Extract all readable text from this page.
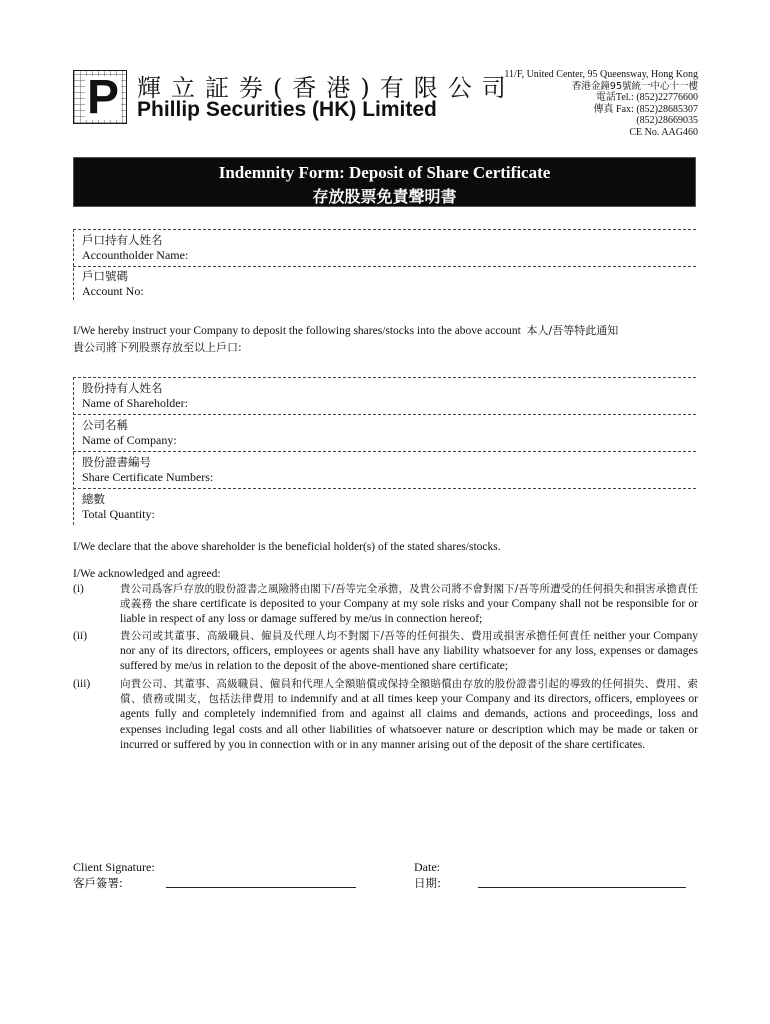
P 輝立証券(香港)有限公司
Phillip Securities (HK) Limited
11/F, United Center, 95 Queensway, Hong Kong
香港金鐘95號統一中心十一樓
電話Tel.: (852)22776600
傳真 Fax: (852)28685307
(852)28669035
CE No. AAG460
Indemnity Form: Deposit of Share Certificate
存放股票免責聲明書
戶口持有人姓名
Accountholder Name:
戶口號碼
Account No:
I/We hereby instruct your Company to deposit the following shares/stocks into the above account 本人/吾等特此通知
貴公司將下列股票存放至以上戶口:
股份持有人姓名
Name of Shareholder:
公司名稱
Name of Company:
股份證書編号
Share Certificate Numbers:
總數
Total Quantity:
I/We declare that the above shareholder is the beneficial holder(s) of the stated shares/stocks.
I/We acknowledged and agreed:
(i)	貴公司爲客戶存放的股份證書之風險將由閣下/吾等完全承擔，及貴公司將不會對閣下/吾等所遭受的任何損失和損害承擔責任或義務 the share certificate is deposited to your Company at my sole risks and your Company shall not be responsible for or liable in respect of any loss or damage suffered by me/us in connection hereof;
(ii)	貴公司或其董事、高級職員、僱員及代理人均不對閣下/吾等的任何損失、費用或損害承擔任何責任 neither your Company nor any of its directors, officers, employees or agents shall have any liability whatsoever for any loss, expenses or damages suffered by me/us in relation to the deposit of the above-mentioned share certificate;
(iii)	向貴公司、其董事、高級職員、僱員和代理人全額賠償或保持全額賠償由存放的股份證書引起的導致的任何損失、費用、索償、債務或開支，包括法律費用 to indemnify and at all times keep your Company and its directors, officers, employees or agents fully and completely indemnified from and against all claims and demands, actions and proceedings, loss and expenses including legal costs and all other liabilities of whatsoever nature or description which may be made or taken or incurred or suffered by you in connection with or in any manner arising out of the deposit of the share certificates.
Client Signature:
客戶簽署:
Date:
日期:
